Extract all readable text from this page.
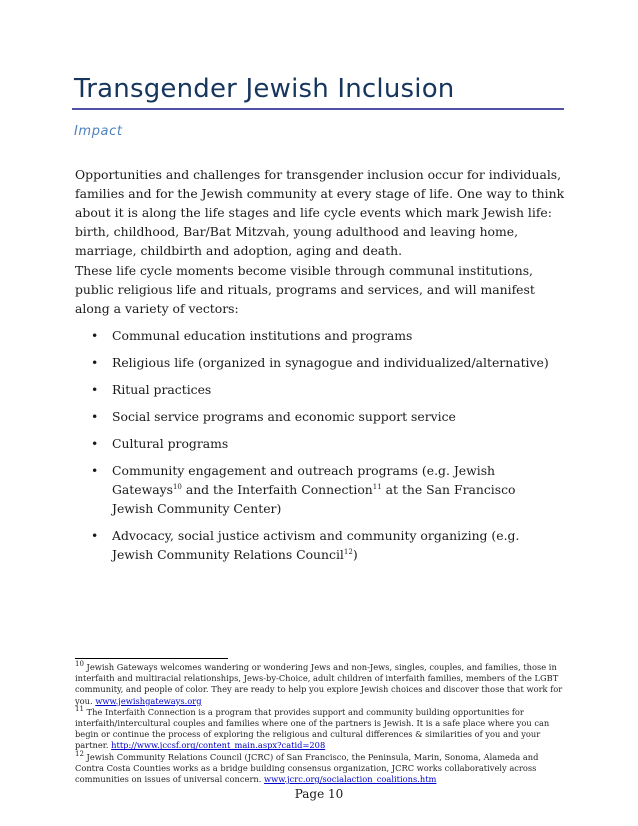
Transgender Jewish Inclusion
Impact

Opportunities and challenges for transgender inclusion occur for individuals, families and for the Jewish community at every stage of life. One way to think about it is along the life stages and life cycle events which mark Jewish life: birth, childhood, Bar/Bat Mitzvah, young adulthood and leaving home, marriage, childbirth and adoption, aging and death.

These life cycle moments become visible through communal institutions, public religious life and rituals, programs and services, and will manifest along a variety of vectors:

• Communal education institutions and programs
• Religious life (organized in synagogue and individualized/alternative)
• Ritual practices
• Social service programs and economic support service
• Cultural programs
• Community engagement and outreach programs (e.g. Jewish Gateways$^{10}$ and the Interfaith Connection$^{11}$ at the San Francisco Jewish Community Center)
• Advocacy, social justice activism and community organizing (e.g. Jewish Community Relations Council$^{12}$)

$^{10}$ Jewish Gateways welcomes wandering or wondering Jews and non-Jews, singles, couples, and families, those in interfaith and multiracial relationships, Jews-by-Choice, adult children of interfaith families, members of the LGBT community, and people of color. They are ready to help you explore Jewish choices and discover those that work for you. www.jewishgateways.org

$^{11}$ The Interfaith Connection is a program that provides support and community building opportunities for interfaith/intercultural couples and families where one of the partners is Jewish. It is a safe place where you can begin or continue the process of exploring the religious and cultural differences & similarities of you and your partner. http://www.jccsf.org/content_main.aspx?catid=208

$^{12}$ Jewish Community Relations Council (JCRC) of San Francisco, the Peninsula, Marin, Sonoma, Alameda and Contra Costa Counties works as a bridge building consensus organization, JCRC works collaboratively across communities on issues of universal concern. www.jcrc.org/socialaction_coalitions.htm

Page 10
